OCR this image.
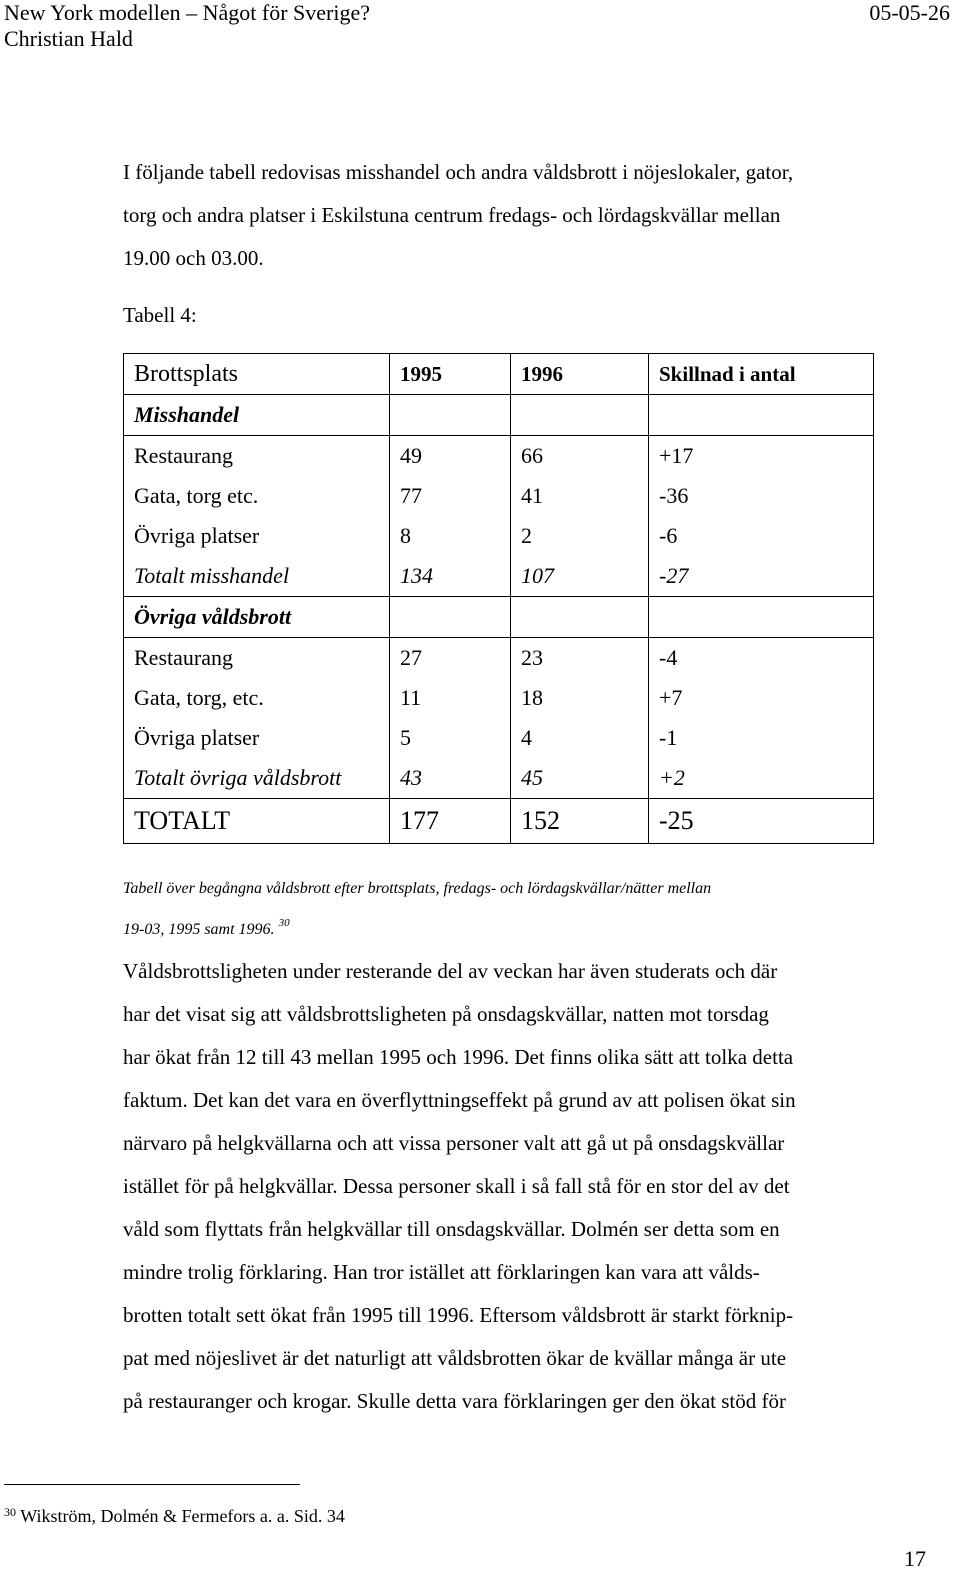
New York modellen – Något för Sverige?	05-05-26
Christian Hald
I följande tabell redovisas misshandel och andra våldsbrott i nöjeslokaler, gator,
torg och andra platser i Eskilstuna centrum fredags- och lördagskvällar mellan
19.00 och 03.00.
Tabell 4:
Brottsplats	1995	1996	Skillnad i antal
Misshandel			
Restaurang	49	66	+17
Gata, torg etc.	77	41	-36
Övriga platser	8	2	-6
Totalt misshandel	134	107	-27
Övriga våldsbrott			
Restaurang	27	23	-4
Gata, torg, etc.	11	18	+7
Övriga platser	5	4	-1
Totalt övriga våldsbrott	43	45	+2
TOTALT	177	152	-25
Tabell över begångna våldsbrott efter brottsplats, fredags- och lördagskvällar/nätter mellan
19-03, 1995 samt 1996. $^{30}$
Våldsbrottsligheten under resterande del av veckan har även studerats och där
har det visat sig att våldsbrottsligheten på onsdagskvällar, natten mot torsdag
har ökat från 12 till 43 mellan 1995 och 1996. Det finns olika sätt att tolka detta
faktum. Det kan det vara en överflyttningseffekt på grund av att polisen ökat sin
närvaro på helgkvällarna och att vissa personer valt att gå ut på onsdagskvällar
istället för på helgkvällar. Dessa personer skall i så fall stå för en stor del av det
våld som flyttats från helgkvällar till onsdagskvällar. Dolmén ser detta som en
mindre trolig förklaring. Han tror istället att förklaringen kan vara att vålds-
brotten totalt sett ökat från 1995 till 1996. Eftersom våldsbrott är starkt förknip-
pat med nöjeslivet är det naturligt att våldsbrotten ökar de kvällar många är ute
på restauranger och krogar. Skulle detta vara förklaringen ger den ökat stöd för
$^{30}$ Wikström, Dolmén & Fermefors a. a. Sid. 34
17
